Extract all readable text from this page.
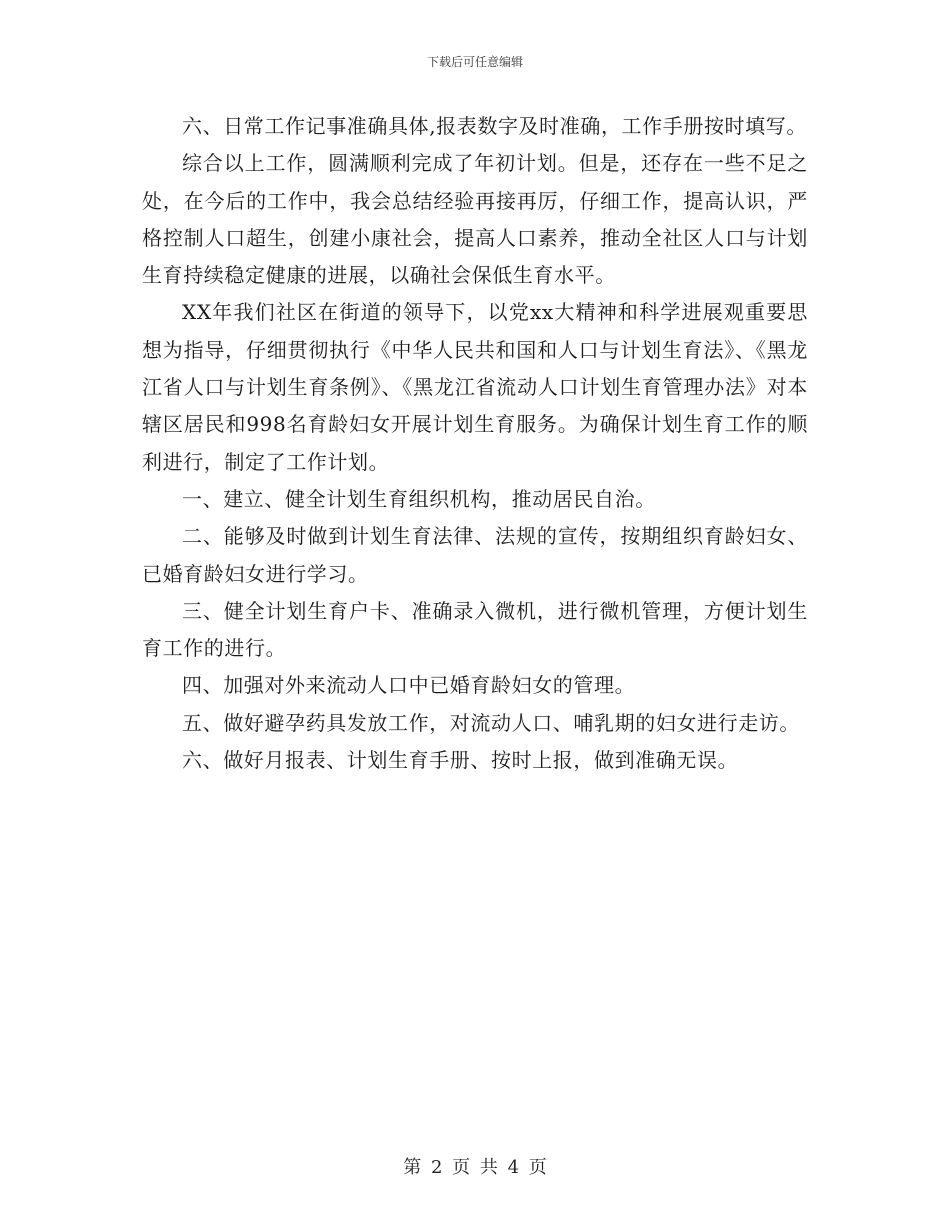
下载后可任意编辑

六、日常工作记事准确具体,报表数字及时准确，工作手册按时填写。

综合以上工作，圆满顺利完成了年初计划。但是，还存在一些不足之处，在今后的工作中，我会总结经验再接再厉，仔细工作，提高认识，严格控制人口超生，创建小康社会，提高人口素养，推动全社区人口与计划生育持续稳定健康的进展，以确社会保低生育水平。

XX年我们社区在街道的领导下，以党xx大精神和科学进展观重要思想为指导，仔细贯彻执行《中华人民共和国和人口与计划生育法》、《黑龙江省人口与计划生育条例》、《黑龙江省流动人口计划生育管理办法》对本辖区居民和998名育龄妇女开展计划生育服务。为确保计划生育工作的顺利进行，制定了工作计划。

一、建立、健全计划生育组织机构，推动居民自治。

二、能够及时做到计划生育法律、法规的宣传，按期组织育龄妇女、已婚育龄妇女进行学习。

三、健全计划生育户卡、准确录入微机，进行微机管理，方便计划生育工作的进行。

四、加强对外来流动人口中已婚育龄妇女的管理。

五、做好避孕药具发放工作，对流动人口、哺乳期的妇女进行走访。

六、做好月报表、计划生育手册、按时上报，做到准确无误。

第 2 页 共 4 页
